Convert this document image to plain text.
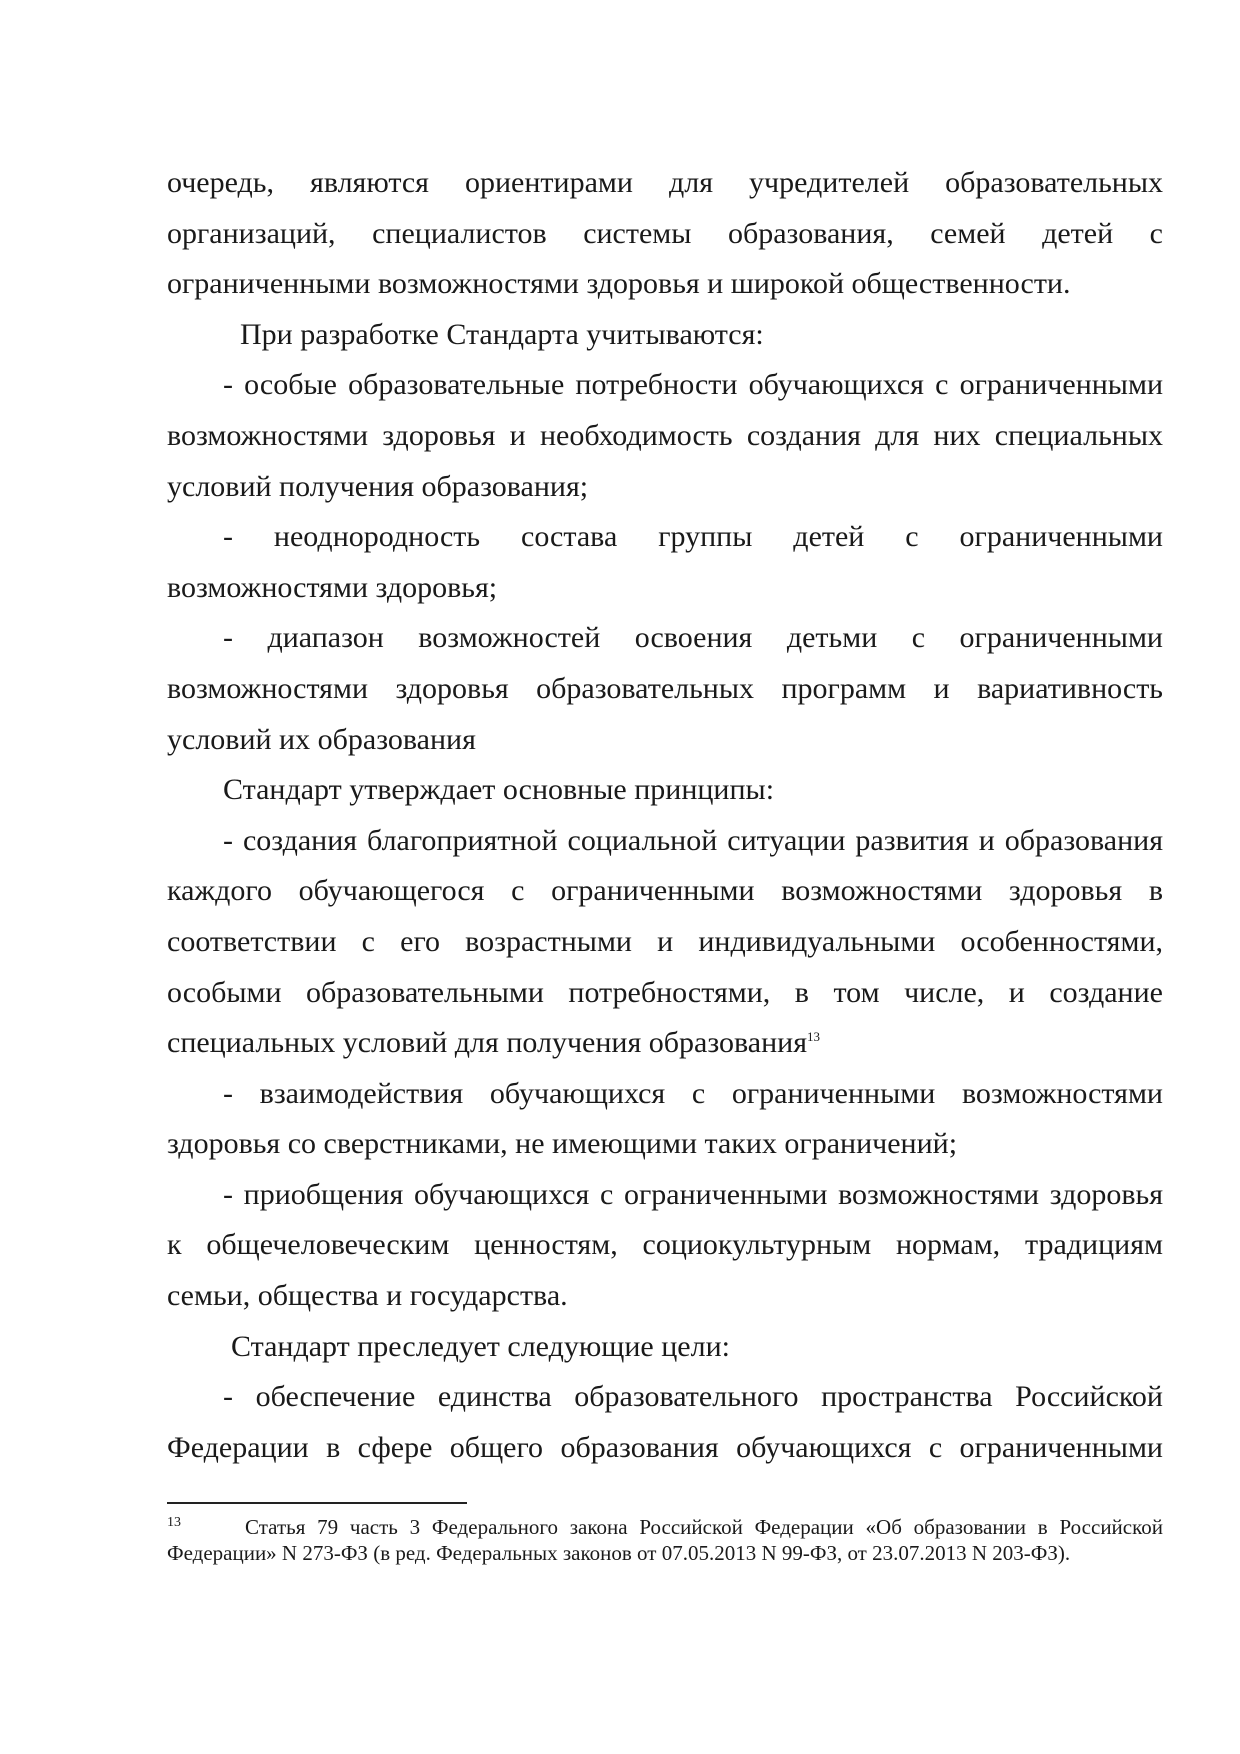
очередь, являются ориентирами для учредителей образовательных организаций, специалистов системы образования, семей детей с ограниченными возможностями здоровья и широкой общественности.

При разработке Стандарта учитываются:

- особые образовательные потребности обучающихся с ограниченными возможностями здоровья и необходимость создания для них специальных условий получения образования;

- неоднородность состава группы детей с ограниченными возможностями здоровья;

- диапазон возможностей освоения детьми с ограниченными возможностями здоровья образовательных программ и вариативность условий их образования

Стандарт утверждает основные принципы:

- создания благоприятной социальной ситуации развития и образования каждого обучающегося с ограниченными возможностями здоровья в соответствии с его возрастными и индивидуальными особенностями, особыми образовательными потребностями, в том числе, и создание специальных условий для получения образования$^{13}$

- взаимодействия обучающихся с ограниченными возможностями здоровья со сверстниками, не имеющими таких ограничений;

- приобщения обучающихся с ограниченными возможностями здоровья к общечеловеческим ценностям, социокультурным нормам, традициям семьи, общества и государства.

Стандарт преследует следующие цели:

- обеспечение единства образовательного пространства Российской Федерации в сфере общего образования обучающихся с ограниченными

13	Статья 79 часть 3 Федерального закона Российской Федерации «Об образовании в Российской Федерации» N 273-ФЗ (в ред. Федеральных законов от 07.05.2013 N 99-ФЗ, от 23.07.2013 N 203-ФЗ).
